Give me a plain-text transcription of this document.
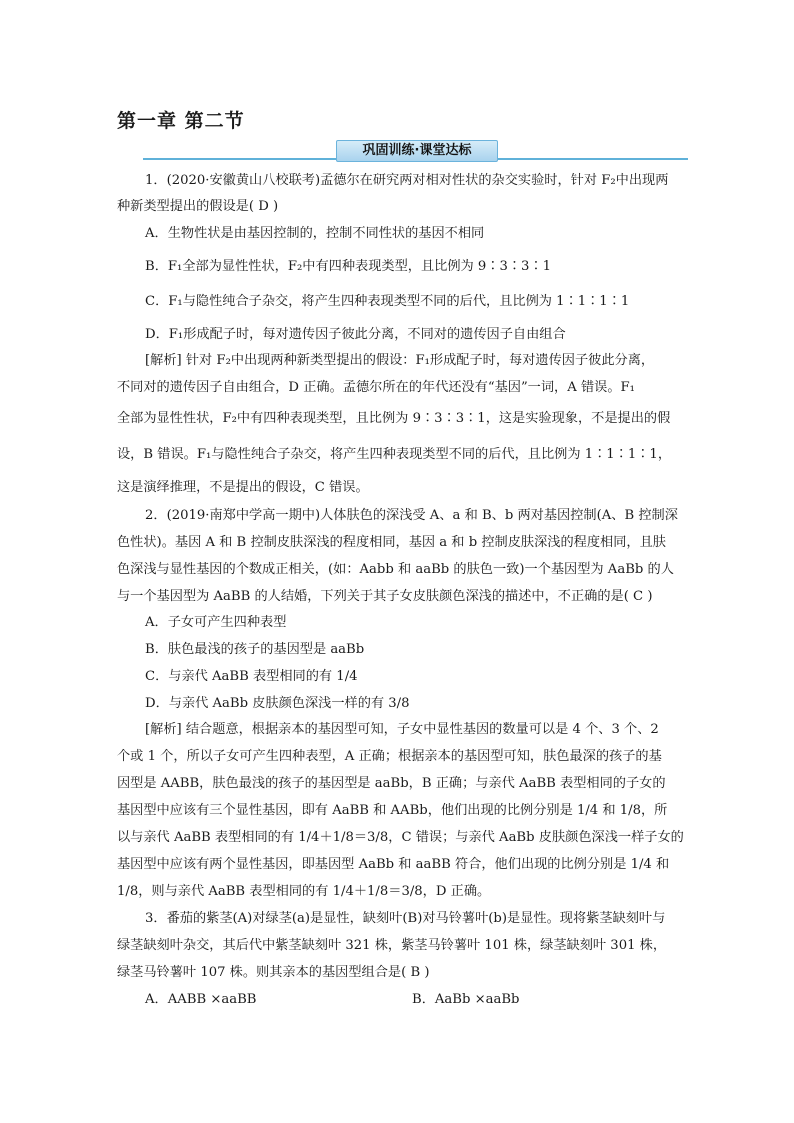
第一章 第二节
巩固训练·课堂达标
1．(2020·安徽黄山八校联考)孟德尔在研究两对相对性状的杂交实验时，针对 F₂中出现两
种新类型提出的假设是( D )
A．生物性状是由基因控制的，控制不同性状的基因不相同
B．F₁全部为显性性状，F₂中有四种表现类型，且比例为 9∶3∶3∶1
C．F₁与隐性纯合子杂交，将产生四种表现类型不同的后代，且比例为 1∶1∶1∶1
D．F₁形成配子时，每对遗传因子彼此分离，不同对的遗传因子自由组合
[解析] 针对 F₂中出现两种新类型提出的假设：F₁形成配子时，每对遗传因子彼此分离，
不同对的遗传因子自由组合，D 正确。孟德尔所在的年代还没有“基因”一词，A 错误。F₁
全部为显性性状，F₂中有四种表现类型，且比例为 9∶3∶3∶1，这是实验现象，不是提出的假
设，B 错误。F₁与隐性纯合子杂交，将产生四种表现类型不同的后代，且比例为 1∶1∶1∶1，
这是演绎推理，不是提出的假设，C 错误。
2．(2019·南郑中学高一期中)人体肤色的深浅受 A、a 和 B、b 两对基因控制(A、B 控制深
色性状)。基因 A 和 B 控制皮肤深浅的程度相同，基因 a 和 b 控制皮肤深浅的程度相同，且肤
色深浅与显性基因的个数成正相关，(如：Aabb 和 aaBb 的肤色一致)一个基因型为 AaBb 的人
与一个基因型为 AaBB 的人结婚，下列关于其子女皮肤颜色深浅的描述中，不正确的是( C )
A．子女可产生四种表型
B．肤色最浅的孩子的基因型是 aaBb
C．与亲代 AaBB 表型相同的有 1/4
D．与亲代 AaBb 皮肤颜色深浅一样的有 3/8
[解析] 结合题意，根据亲本的基因型可知，子女中显性基因的数量可以是 4 个、3 个、2
个或 1 个，所以子女可产生四种表型，A 正确；根据亲本的基因型可知，肤色最深的孩子的基
因型是 AABB，肤色最浅的孩子的基因型是 aaBb，B 正确；与亲代 AaBB 表型相同的子女的
基因型中应该有三个显性基因，即有 AaBB 和 AABb，他们出现的比例分别是 1/4 和 1/8，所
以与亲代 AaBB 表型相同的有 1/4＋1/8＝3/8，C 错误；与亲代 AaBb 皮肤颜色深浅一样子女的
基因型中应该有两个显性基因，即基因型 AaBb 和 aaBB 符合，他们出现的比例分别是 1/4 和
1/8，则与亲代 AaBB 表型相同的有 1/4＋1/8＝3/8，D 正确。
3．番茄的紫茎(A)对绿茎(a)是显性，缺刻叶(B)对马铃薯叶(b)是显性。现将紫茎缺刻叶与
绿茎缺刻叶杂交，其后代中紫茎缺刻叶 321 株，紫茎马铃薯叶 101 株，绿茎缺刻叶 301 株，
绿茎马铃薯叶 107 株。则其亲本的基因型组合是( B )
A．AABB ×aaBB	B．AaBb ×aaBb
